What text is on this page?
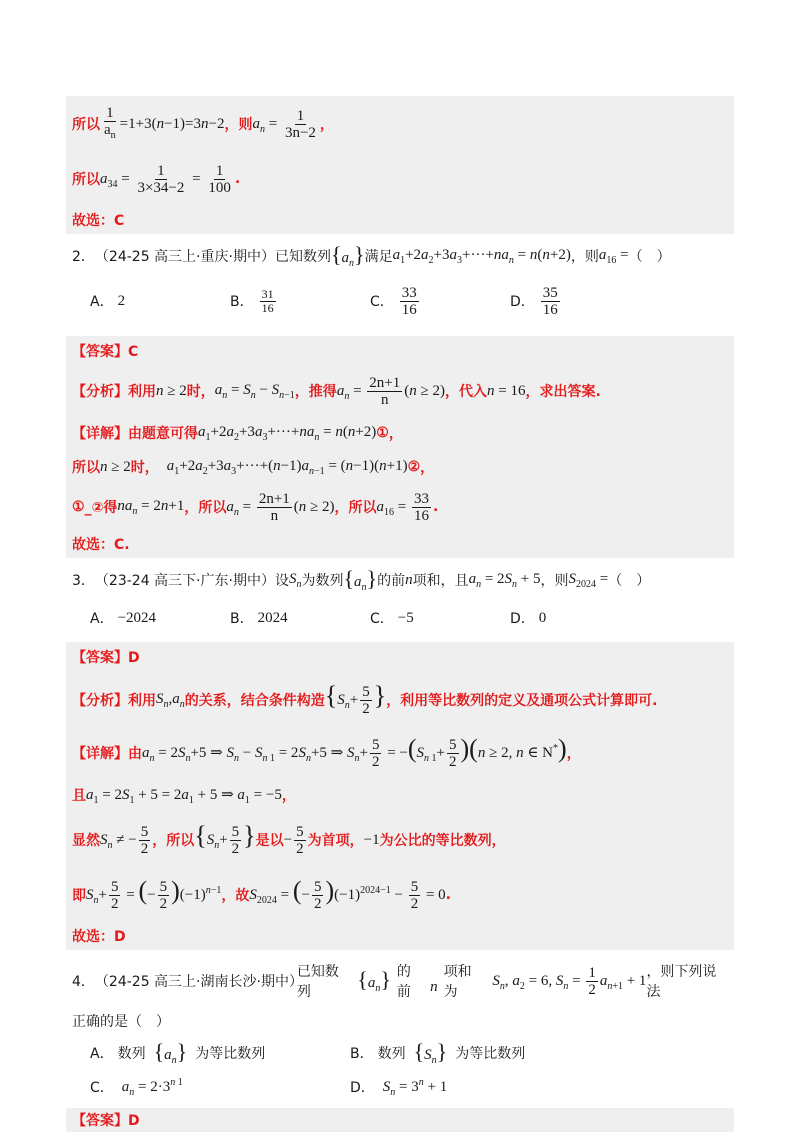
所以 $\frac{1}{a_n} =1+3(n-1)=3n-2$ ，则 $a_n = \frac{1}{3n-2}$ ，
所以 $a_{34} = \frac{1}{3\times 34-2} = \frac{1}{100}$ .
故选：C
2． （24-25 高三上·重庆·期中） 已知数列 $\{a_n\}$ 满足 $a_1+2a_2+3a_3+\cdot\cdot\cdot+na_n = n(n+2)$ ，则 $a_{16}$ = （　）
A． 2	B． $\frac{31}{16}$	C． $\frac{33}{16}$	D． $\frac{35}{16}$
【答案】C
【分析】 利用 n ≥ 2 时， $a_n = S_n - S_{n-1}$ ，推得 $a_n = \frac{2n+1}{n} (n \ge 2)$ ，代入 n = 16 ，求出答案.
【详解】 由题意可得 $a_1+2a_2+3a_3+\cdot\cdot\cdot+na_n = n(n+2)$ ① ，
所以 n ≥ 2 时， $a_1+2a_2+3a_3+\cdot\cdot\cdot+(n-1)a_{n-1} = (n-1)(n+1)$ ② ，
① _②得 $na_n = 2n+1$ ，所以 $a_n = \frac{2n+1}{n} (n \ge 2)$ ，所以 $a_{16} = \frac{33}{16}$ .
故选：C.
3． （23-24 高三下·广东·期中） 设 $S_n$ 为数列 $\{a_n\}$ 的前 n 项和，且 $a_n = 2S_n + 5$ ，则 $S_{2024}$ = （　）
A． −2024	B． 2024	C． −5	D． 0
【答案】D
【分析】 利用 $S_n,a_n$ 的关系，结合条件构造 {$S_n+ \frac{5}{2}$ } ，利用等比数列的定义及通项公式计算即可.
【详解】 由 $a_n = 2S_n+5$ ⇒ $S_n - S_{n 1} = 2S_n+5$ ⇒ $S_n+ \frac{5}{2} = -(S_{n 1}+ \frac{5}{2} )(n \ge 2$, n ∈ N*) ，
且 $a_1 = 2S_1 + 5 = 2a_1 + 5$ ⇒ $a_1 = -5$ ，
显然 $S_n$ ≠ − $\frac{5}{2}$ ，所以 {$S_n+ \frac{5}{2}$ } 是以 − $\frac{5}{2}$ 为首项， −1 为公比的等比数列，
即 $S_n+ \frac{5}{2}$ = (− $\frac{5}{2} )(-1)^{n-1}$ ，故 $S_{2024}$ = (− $\frac{5}{2} )(-1)^{2024-1} - \frac{5}{2} = 0$ .
故选：D
4． （24-25 高三上·湖南长沙·期中）
已知数列
$\{a_n\}$ 的前	n
项和为
$S_n$, $a_2 = 6$, $S_n = \frac{1}{2} a_{n+1} + 1$
，则下列说法
正确的是（　）
A． 数列 $\{a_n\}$ 为等比数列	B． 数列 $\{S_n\}$ 为等比数列
C． $a_n = 2\cdot 3^{n 1}$	D． $S_n = 3^n + 1$
【答案】D
